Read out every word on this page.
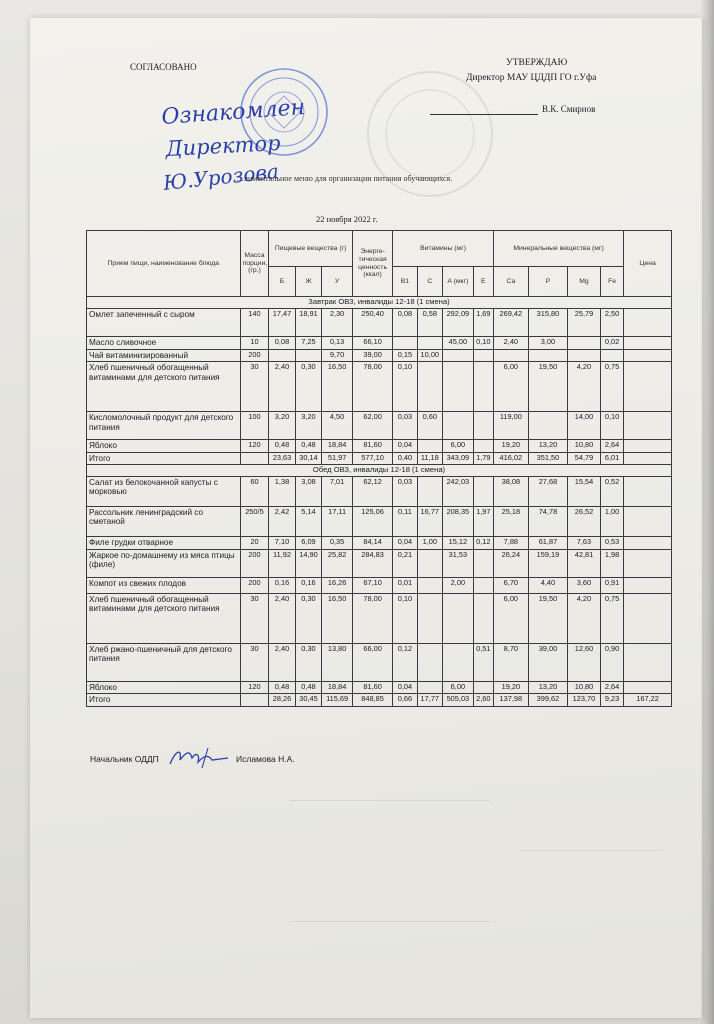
СОГЛАСОВАНО	УТВЕРЖДАЮ
Директор МАУ ЦДДП ГО г.Уфа
В.К. Смирнов
Ознакомлен
Директор
Ю.Урозова
…лиментальное меню для организации питания обучающихся.
22 ноября 2022 г.
Прием пищи, наименование блюда	Масса порции, (гр.)	Пищевые вещества (г)			Энерге-тическая ценность (ккал)	Витамины (мг)				Минеральные вещества (мг)				Цена
		Б	Ж	У		В1	С	А (мкг)	Е	Са	Р	Mg	Fe	
Завтрак ОВЗ, инвалиды 12-18 (1 смена)														
Омлет запеченный с сыром	140	17,47	18,91	2,30	250,40	0,08	0,58	292,09	1,69	269,42	315,80	25,79	2,50	
Масло сливочное	10	0,08	7,25	0,13	66,10			45,00	0,10	2,40	3,00		0,02	
Чай витаминизированный	200			9,70	39,00	0,15	10,00							
Хлеб пшеничный обогащенный витаминами для детского питания	30	2,40	0,30	16,50	78,00	0,10				6,00	19,50	4,20	0,75	
Кисломолочный продукт для детского питания	100	3,20	3,20	4,50	62,00	0,03	0,60			119,00		14,00	0,10	
Яблоко	120	0,48	0,48	18,84	81,60	0,04		6,00		19,20	13,20	10,80	2,64	
Итого		23,63	30,14	51,97	577,10	0,40	11,18	343,09	1,79	416,02	351,50	54,79	6,01	
Обед ОВЗ, инвалиды 12-18 (1 смена)														
Салат из белокочанной капусты с морковью	60	1,38	3,08	7,01	62,12	0,03		242,03		38,08	27,68	15,54	0,52	
Рассольник ленинградский со сметаной	250/5	2,42	5,14	17,11	125,06	0,11	16,77	208,35	1,97	25,18	74,78	26,52	1,00	
Филе грудки отварное	20	7,10	6,09	0,35	84,14	0,04	1,00	15,12	0,12	7,88	61,87	7,63	0,53	
Жаркое по-домашнему из мяса птицы (филе)	200	11,92	14,90	25,82	284,83	0,21		31,53		26,24	159,19	42,81	1,98	
Компот из свежих плодов	200	0,16	0,16	16,26	67,10	0,01		2,00		6,70	4,40	3,60	0,91	
Хлеб пшеничный обогащенный витаминами для детского питания	30	2,40	0,30	16,50	78,00	0,10				6,00	19,50	4,20	0,75	
Хлеб ржано-пшеничный для детского питания	30	2,40	0,30	13,80	66,00	0,12			0,51	8,70	39,00	12,60	0,90	
Яблоко	120	0,48	0,48	18,84	81,60	0,04		6,00		19,20	13,20	10,80	2,64	
Итого		28,26	30,45	115,69	848,85	0,66	17,77	505,03	2,60	137,98	399,62	123,70	9,23	167,22
Начальник ОДДП	Исламова Н.А.
